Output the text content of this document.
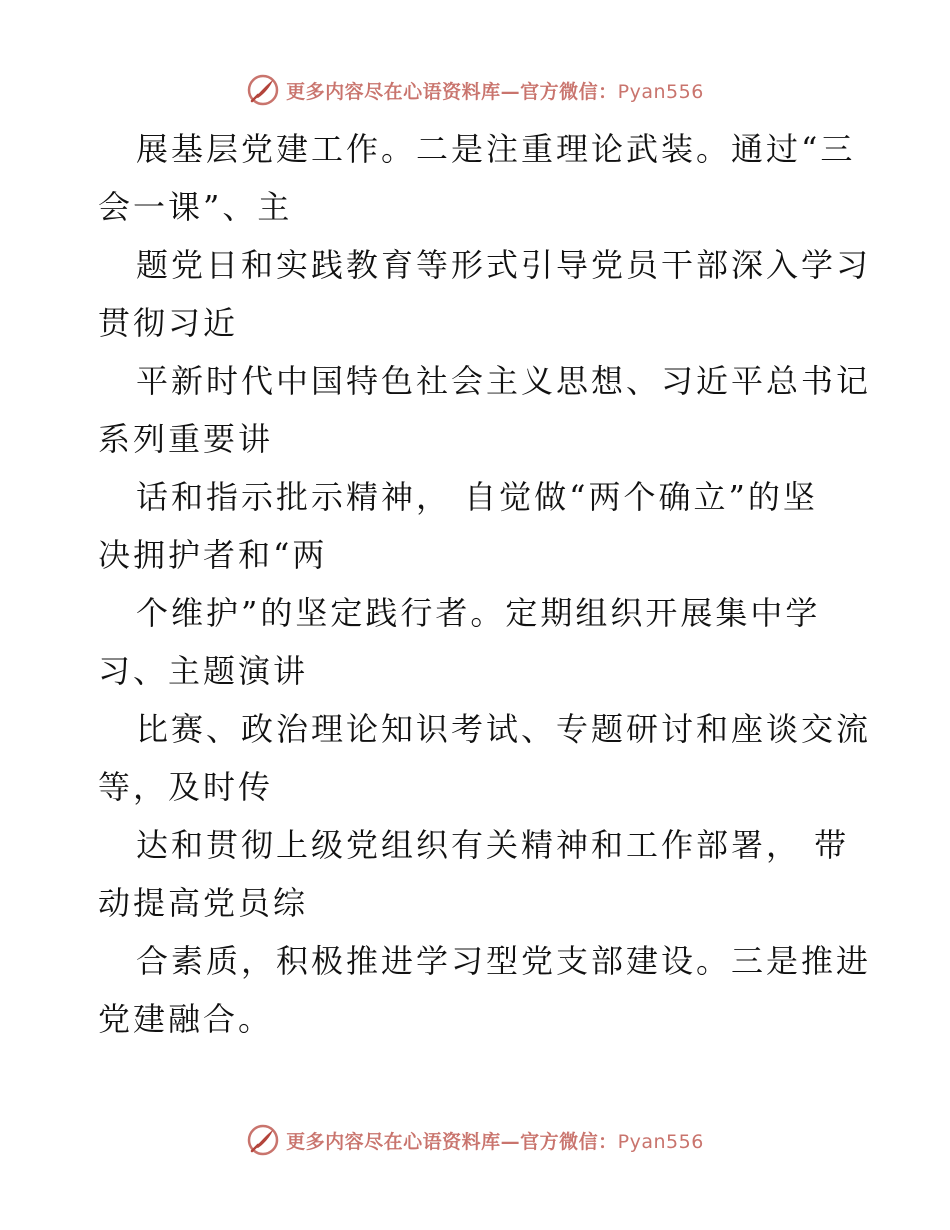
更多内容尽在心语资料库—官方微信：Pyan556
展基层党建工作。二是注重理论武装。通过“三
会一课”、主
题党日和实践教育等形式引导党员干部深入学习
贯彻习近
平新时代中国特色社会主义思想、习近平总书记
系列重要讲
话和指示批示精神， 自觉做“两个确立”的坚
决拥护者和“两
个维护”的坚定践行者。定期组织开展集中学
习、主题演讲
比赛、政治理论知识考试、专题研讨和座谈交流
等，及时传
达和贯彻上级党组织有关精神和工作部署， 带
动提高党员综
合素质，积极推进学习型党支部建设。三是推进
党建融合。
更多内容尽在心语资料库—官方微信：Pyan556
